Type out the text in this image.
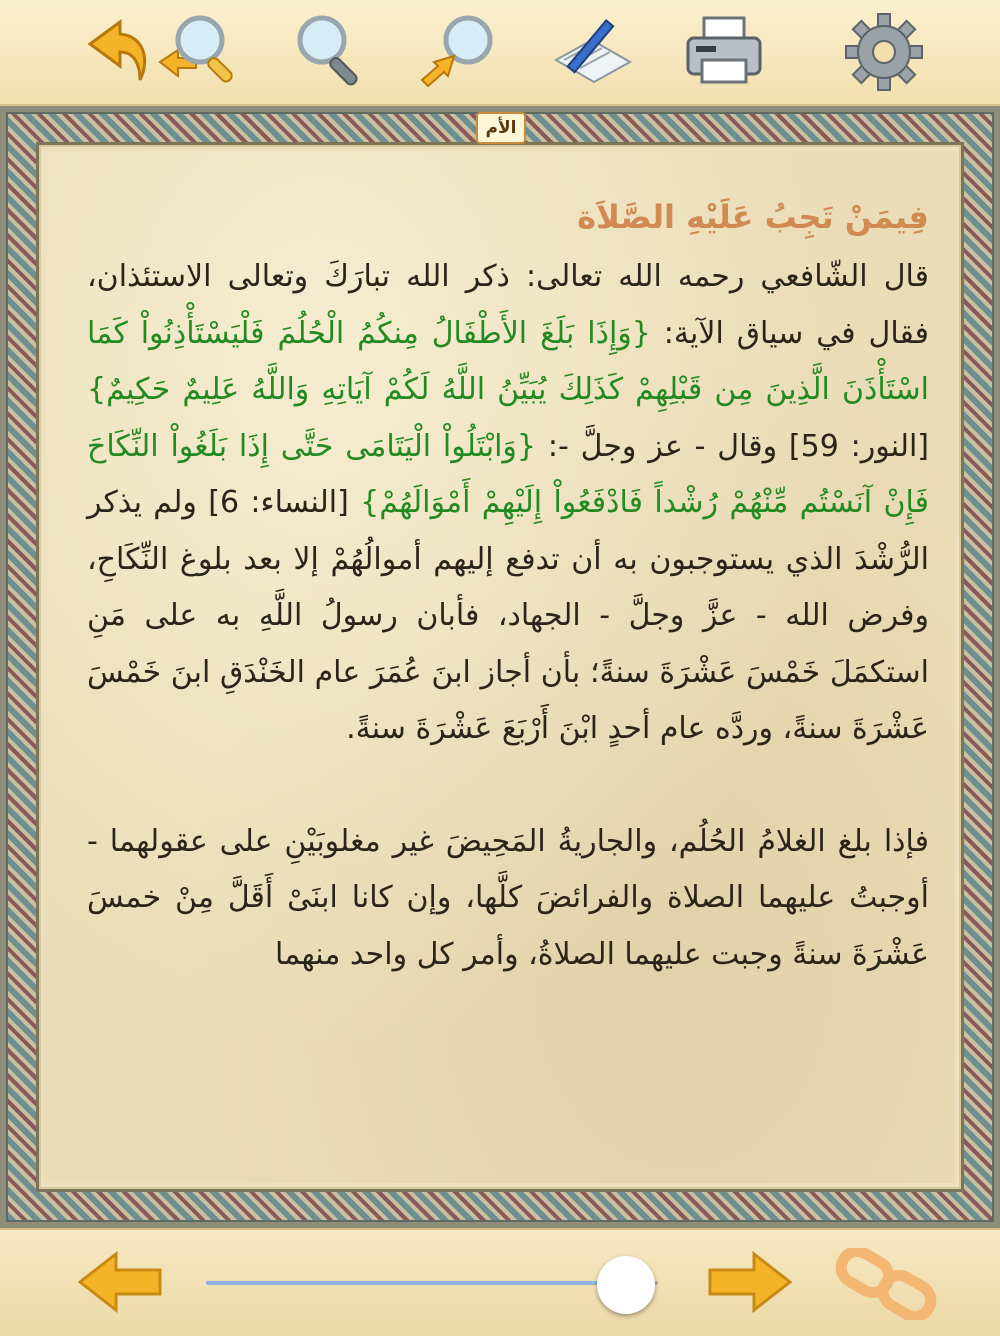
فِيمَنْ تَجِبُ عَلَيْهِ الصَّلاَة

قال الشّافعي رحمه الله تعالى: ذكر الله تبارَكَ وتعالى الاستئذان، فقال في سياق الآية: {وَإِذَا بَلَغَ الأَطْفَالُ مِنكُمُ الْحُلُمَ فَلْيَسْتَأْذِنُواْ كَمَا اسْتَأْذَنَ الَّذِينَ مِن قَبْلِهِمْ كَذَلِكَ يُبَيِّنُ اللَّهُ لَكُمْ آيَاتِهِ وَاللَّهُ عَلِيمٌ حَكِيمٌ} [النور: 59] وقال - عز وجلَّ -: {وَابْتَلُواْ الْيَتَامَى حَتَّى إِذَا بَلَغُواْ النِّكَاحَ فَإِنْ آنَسْتُم مِّنْهُمْ رُشْداً فَادْفَعُواْ إِلَيْهِمْ أَمْوَالَهُمْ} [النساء: 6] ولم يذكر الرُّشْدَ الذي يستوجبون به أن تدفع إليهم أموالُهُمْ إلا بعد بلوغ النِّكَاحِ، وفرض الله - عزَّ وجلَّ - الجهاد، فأبان رسولُ اللَّهِ به على مَنِ استكمَلَ خَمْسَ عَشْرَةَ سنةً؛ بأن أجاز ابنَ عُمَرَ عام الخَنْدَقِ ابنَ خَمْسَ عَشْرَةَ سنةً، وردَّه عام أحدٍ ابْنَ أَرْبَعَ عَشْرَةَ سنةً.

فإذا بلغ الغلامُ الحُلُم، والجاريةُ المَحِيضَ غير مغلوبَيْنِ على عقولهما - أوجبتُ عليهما الصلاة والفرائضَ كلَّها، وإن كانا ابنَىْ أَقَلَّ مِنْ خمسَ عَشْرَةَ سنةً وجبت عليهما الصلاةُ، وأمر كل واحد منهما

الأم
